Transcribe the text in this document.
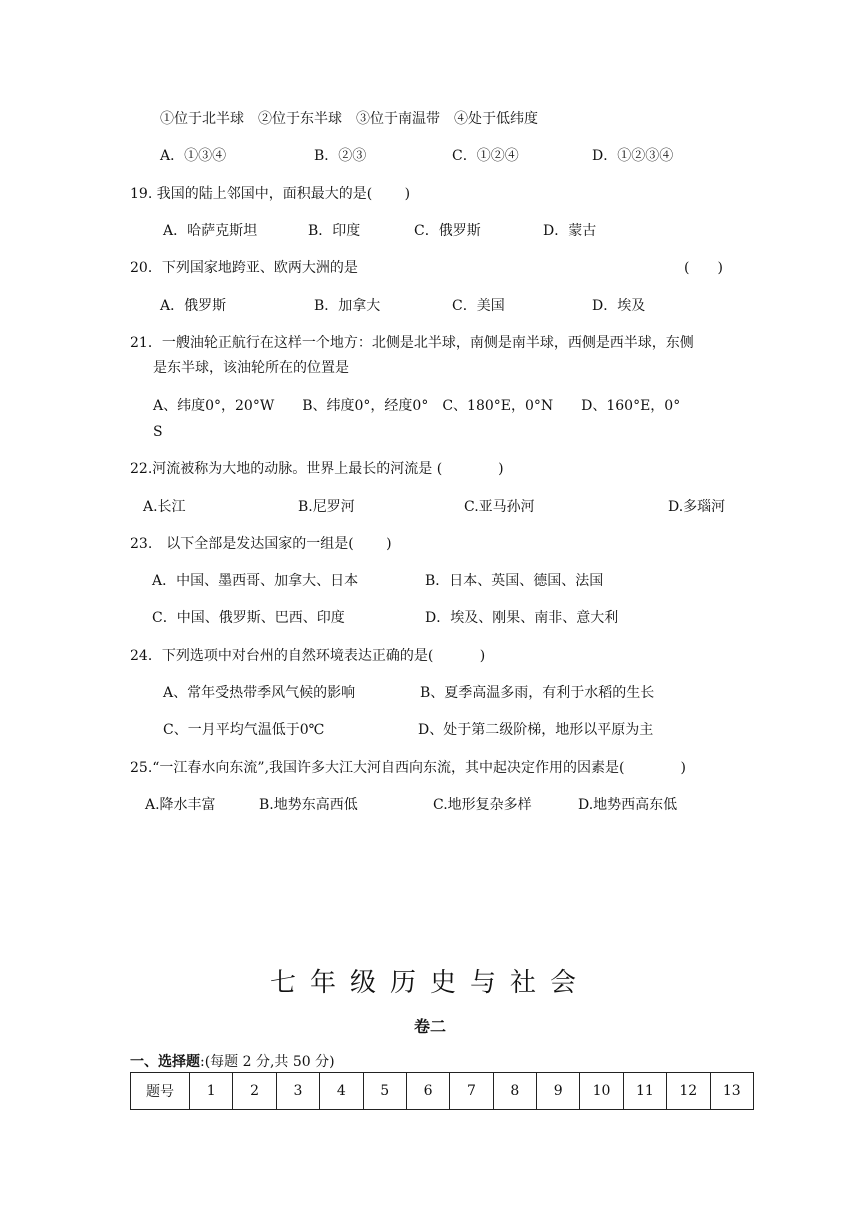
①位于北半球　②位于东半球　③位于南温带　④处于低纬度
A．①③④	B．②③	C．①②④	D．①②③④
19. 我国的陆上邻国中，面积最大的是(　　 )
A．哈萨克斯坦	B．印度	C．俄罗斯	D．蒙古
20．下列国家地跨亚、欧两大洲的是	(　　)
A．俄罗斯	B．加拿大	C．美国	D．埃及
21．一艘油轮正航行在这样一个地方：北侧是北半球，南侧是南半球，西侧是西半球，东侧
是东半球，该油轮所在的位置是
A、纬度0°，20°W　　B、纬度0°，经度0°　C、180°E，0°N　　D、160°E，0°
S
22.河流被称为大地的动脉。世界上最长的河流是 (　　　　)
A.长江	B.尼罗河	C.亚马孙河	D.多瑙河
23.　以下全部是发达国家的一组是(　　 )
A．中国、墨西哥、加拿大、日本	B．日本、英国、德国、法国
C．中国、俄罗斯、巴西、印度	D．埃及、刚果、南非、意大利
24．下列选项中对台州的自然环境表达正确的是(　　　 )
A、常年受热带季风气候的影响	B、夏季高温多雨，有利于水稻的生长
C、一月平均气温低于0℃	D、处于第二级阶梯，地形以平原为主
25.“一江春水向东流”,我国许多大江大河自西向东流，其中起决定作用的因素是(　　　　)
A.降水丰富	B.地势东高西低	C.地形复杂多样	D.地势西高东低
七年级历史与社会
卷二
一、选择题:(每题 2 分,共 50 分)
题号	1	2	3	4	5	6	7	8	9	10	11	12	13
